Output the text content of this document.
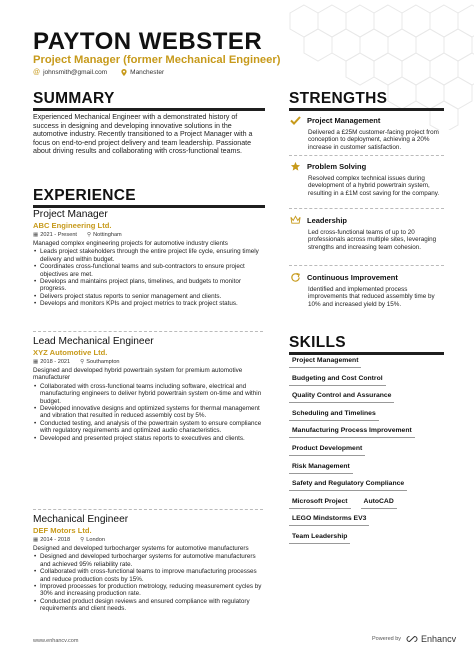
PAYTON WEBSTER
Project Manager (former Mechanical Engineer)
@ johnsmith@gmail.com	Manchester
SUMMARY
Experienced Mechanical Engineer with a demonstrated history of success in designing and developing innovative solutions in the automotive industry. Recently transitioned to a Project Manager with a focus on end-to-end project delivery and team leadership. Passionate about driving results and collaborating with cross-functional teams.
EXPERIENCE
Project Manager
ABC Engineering Ltd.
▦ 2021 - Present ⚲ Nottingham
Managed complex engineering projects for automotive industry clients
• Leads project stakeholders through the entire project life cycle, ensuring timely delivery and within budget.
• Coordinates cross-functional teams and sub-contractors to ensure project objectives are met.
• Develops and maintains project plans, timelines, and budgets to monitor progress.
• Delivers project status reports to senior management and clients.
• Develops and monitors KPIs and project metrics to track project status.
Lead Mechanical Engineer
XYZ Automotive Ltd.
▦ 2018 - 2021 ⚲ Southampton
Designed and developed hybrid powertrain system for premium automotive manufacturer
• Collaborated with cross-functional teams including software, electrical and manufacturing engineers to deliver hybrid powertrain system on-time and within budget.
• Developed innovative designs and optimized systems for thermal management and vibration that resulted in reduced assembly cost by 5%.
• Conducted testing, and analysis of the powertrain system to ensure compliance with regulatory requirements and optimized audio characteristics.
• Developed and presented project status reports to executives and clients.
Mechanical Engineer
DEF Motors Ltd.
▦ 2014 - 2018 ⚲ London
Designed and developed turbocharger systems for automotive manufacturers
• Designed and developed turbocharger systems for automotive manufacturers and achieved 95% reliability rate.
• Collaborated with cross-functional teams to improve manufacturing processes and reduce production costs by 15%.
• Improved processes for production metrology, reducing measurement cycles by 30% and increasing production rate.
• Conducted product design reviews and ensured compliance with regulatory requirements and client needs.
STRENGTHS
Project Management
Delivered a £25M customer-facing project from conception to deployment, achieving a 20% increase in customer satisfaction.
Problem Solving
Resolved complex technical issues during development of a hybrid powertrain system, resulting in a £1M cost saving for the company.
Leadership
Led cross-functional teams of up to 20 professionals across multiple sites, leveraging strengths and increasing team cohesion.
Continuous Improvement
Identified and implemented process improvements that reduced assembly time by 10% and increased yield by 15%.
SKILLS
Project Management
Budgeting and Cost Control
Quality Control and Assurance
Scheduling and Timelines
Manufacturing Process Improvement
Product Development
Risk Management
Safety and Regulatory Compliance
Microsoft Project	AutoCAD
LEGO Mindstorms EV3
Team Leadership
www.enhancv.com	Powered by Enhancv
